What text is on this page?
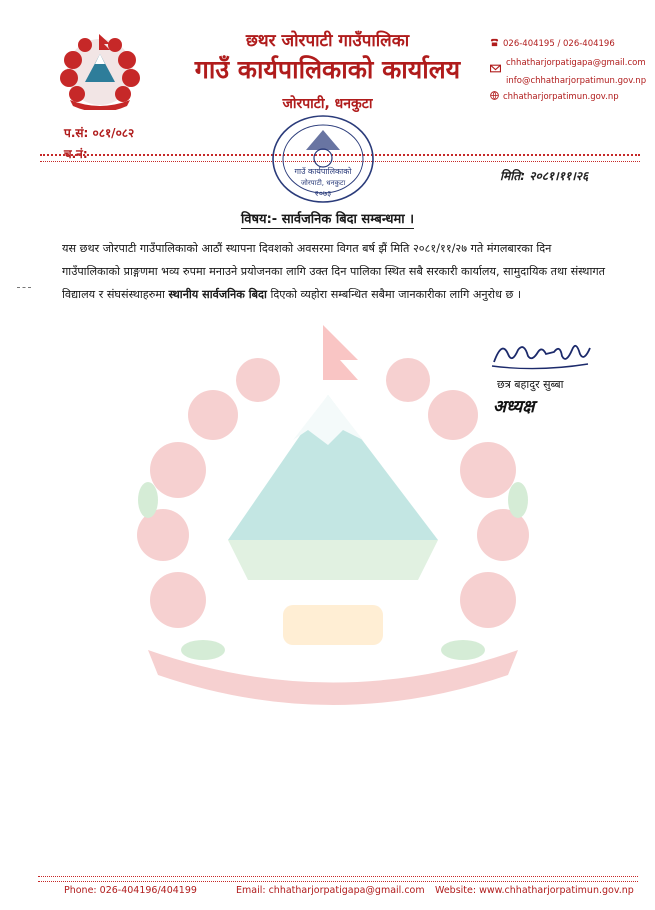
छथर जोरपाटी गाउँपालिका
गाउँ कार्यपालिकाको कार्यालय
जोरपाटी, धनकुटा
026-404195 / 026-404196
chhatharjorpatigapa@gmail.com
info@chhatharjorpatimun.gov.np
chhatharjorpatimun.gov.np
प.सं: ०८१/०८२
च.नं:
गाउँ कार्यपालिकाको
जोरपाटी, धनकुटा
२०७३
मिति: २०८१।११।२६
विषय:- सार्वजनिक बिदा सम्बन्धमा ।
यस छथर जोरपाटी गाउँपालिकाको आठौं स्थापना दिवशको अवसरमा विगत बर्ष झैं मिति २०८१/११/२७ गते मंगलबारका दिन गाउँपालिकाको प्राङ्गणमा भव्य रुपमा मनाउने प्रयोजनका लागि उक्त दिन पालिका स्थित सबै सरकारी कार्यालय, सामुदायिक तथा संस्थागत विद्यालय र संघसंस्थाहरुमा स्थानीय सार्वजनिक बिदा दिएको व्यहोरा सम्बन्धित सबैमा जानकारीका लागि अनुरोध छ ।
छत्र बहादुर सुब्बा
अध्यक्ष
Phone: 026-404196/404199	Email: chhatharjorpatigapa@gmail.com Website: www.chhatharjorpatimun.gov.np
